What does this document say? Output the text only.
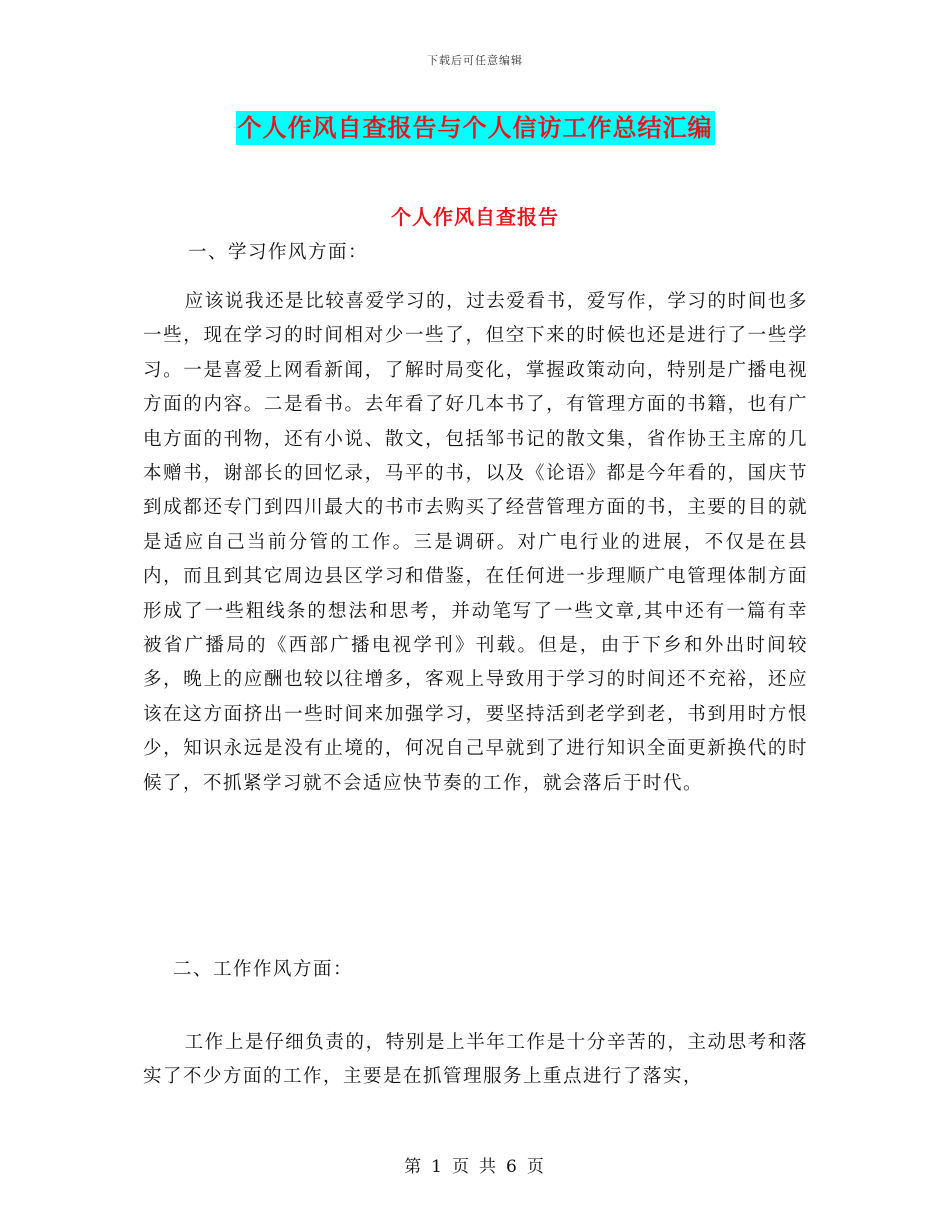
下载后可任意编辑
个人作风自查报告与个人信访工作总结汇编
个人作风自查报告
一、学习作风方面：
应该说我还是比较喜爱学习的，过去爱看书，爱写作，学习的时间也多一些，现在学习的时间相对少一些了，但空下来的时候也还是进行了一些学习。一是喜爱上网看新闻，了解时局变化，掌握政策动向，特别是广播电视方面的内容。二是看书。去年看了好几本书了，有管理方面的书籍，也有广电方面的刊物，还有小说、散文，包括邹书记的散文集，省作协王主席的几本赠书，谢部长的回忆录，马平的书，以及《论语》都是今年看的，国庆节到成都还专门到四川最大的书市去购买了经营管理方面的书，主要的目的就是适应自己当前分管的工作。三是调研。对广电行业的进展，不仅是在县内，而且到其它周边县区学习和借鉴，在任何进一步理顺广电管理体制方面形成了一些粗线条的想法和思考，并动笔写了一些文章,其中还有一篇有幸被省广播局的《西部广播电视学刊》刊载。但是，由于下乡和外出时间较多，晚上的应酬也较以往增多，客观上导致用于学习的时间还不充裕，还应该在这方面挤出一些时间来加强学习，要坚持活到老学到老，书到用时方恨少，知识永远是没有止境的，何况自己早就到了进行知识全面更新换代的时候了，不抓紧学习就不会适应快节奏的工作，就会落后于时代。
二、工作作风方面：
工作上是仔细负责的，特别是上半年工作是十分辛苦的，主动思考和落实了不少方面的工作，主要是在抓管理服务上重点进行了落实，
第 1 页 共 6 页
